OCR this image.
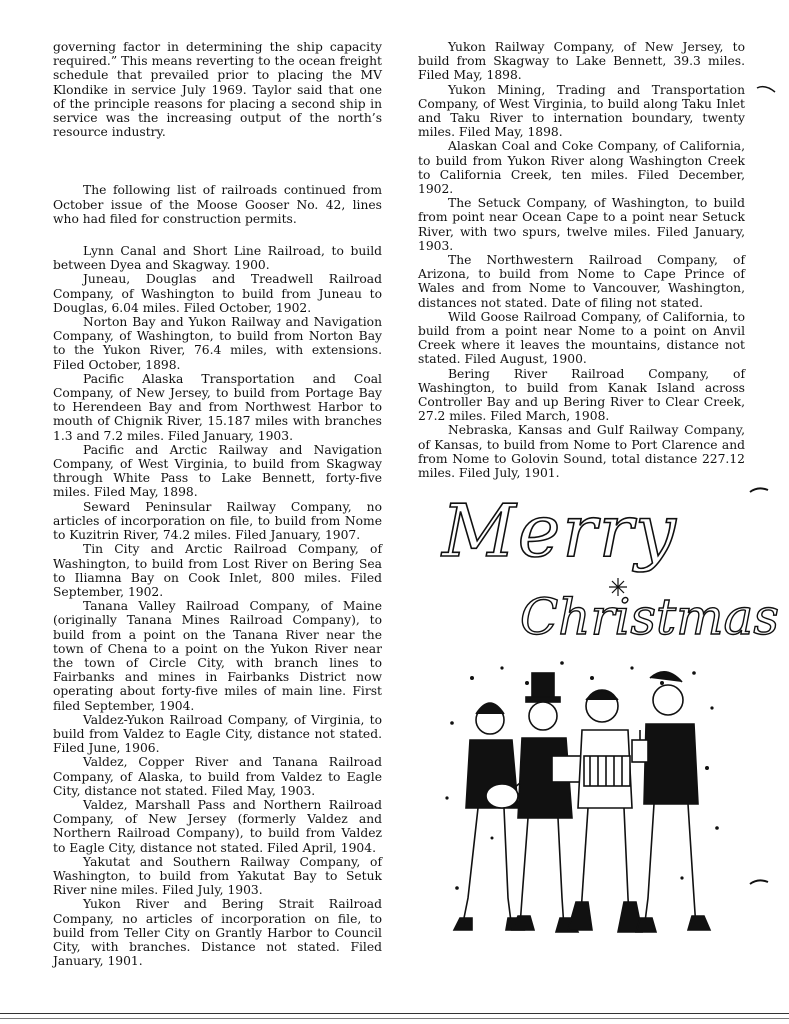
governing factor in determining the ship capacity required.” This means reverting to the ocean freight schedule that prevailed prior to placing the MV Klondike in service July 1969. Taylor said that one of the principle reasons for placing a second ship in service was the increasing output of the north’s resource industry.

The following list of railroads continued from October issue of the Moose Gooser No. 42, lines who had filed for construction permits.

Lynn Canal and Short Line Railroad, to build between Dyea and Skagway. 1900.

Juneau, Douglas and Treadwell Railroad Company, of Washington to build from Juneau to Douglas, 6.04 miles. Filed October, 1902.

Norton Bay and Yukon Railway and Navigation Company, of Washington, to build from Norton Bay to the Yukon River, 76.4 miles, with extensions. Filed October, 1898.

Pacific Alaska Transportation and Coal Company, of New Jersey, to build from Portage Bay to Herendeen Bay and from Northwest Harbor to mouth of Chignik River, 15.187 miles with branches 1.3 and 7.2 miles. Filed January, 1903.

Pacific and Arctic Railway and Navigation Company, of West Virginia, to build from Skagway through White Pass to Lake Bennett, forty-five miles. Filed May, 1898.

Seward Peninsular Railway Company, no articles of incorporation on file, to build from Nome to Kuzitrin River, 74.2 miles. Filed January, 1907.

Tin City and Arctic Railroad Company, of Washington, to build from Lost River on Bering Sea to Iliamna Bay on Cook Inlet, 800 miles. Filed September, 1902.

Tanana Valley Railroad Company, of Maine (originally Tanana Mines Railroad Company), to build from a point on the Tanana River near the town of Chena to a point on the Yukon River near the town of Circle City, with branch lines to Fairbanks and mines in Fairbanks District now operating about forty-five miles of main line. First filed September, 1904.

Valdez-Yukon Railroad Company, of Virginia, to build from Valdez to Eagle City, distance not stated. Filed June, 1906.

Valdez, Copper River and Tanana Railroad Company, of Alaska, to build from Valdez to Eagle City, distance not stated. Filed May, 1903.

Valdez, Marshall Pass and Northern Railroad Company, of New Jersey (formerly Valdez and Northern Railroad Company), to build from Valdez to Eagle City, distance not stated. Filed April, 1904.

Yakutat and Southern Railway Company, of Washington, to build from Yakutat Bay to Setuk River nine miles. Filed July, 1903.

Yukon River and Bering Strait Railroad Company, no articles of incorporation on file, to build from Teller City on Grantly Harbor to Council City, with branches. Distance not stated. Filed January, 1901.

Yukon Railway Company, of New Jersey, to build from Skagway to Lake Bennett, 39.3 miles. Filed May, 1898.

Yukon Mining, Trading and Transportation Company, of West Virginia, to build along Taku Inlet and Taku River to internation boundary, twenty miles. Filed May, 1898.

Alaskan Coal and Coke Company, of California, to build from Yukon River along Washington Creek to California Creek, ten miles. Filed December, 1902.

The Setuck Company, of Washington, to build from point near Ocean Cape to a point near Setuck River, with two spurs, twelve miles. Filed January, 1903.

The Northwestern Railroad Company, of Arizona, to build from Nome to Cape Prince of Wales and from Nome to Vancouver, Washington, distances not stated. Date of filing not stated.

Wild Goose Railroad Company, of California, to build from a point near Nome to a point on Anvil Creek where it leaves the mountains, distance not stated. Filed August, 1900.

Bering River Railroad Company, of Washington, to build from Kanak Island across Controller Bay and up Bering River to Clear Creek, 27.2 miles. Filed March, 1908.

Nebraska, Kansas and Gulf Railway Company, of Kansas, to build from Nome to Port Clarence and from Nome to Golovin Sound, total distance 227.12 miles. Filed July, 1901.

Merry
Christmas
